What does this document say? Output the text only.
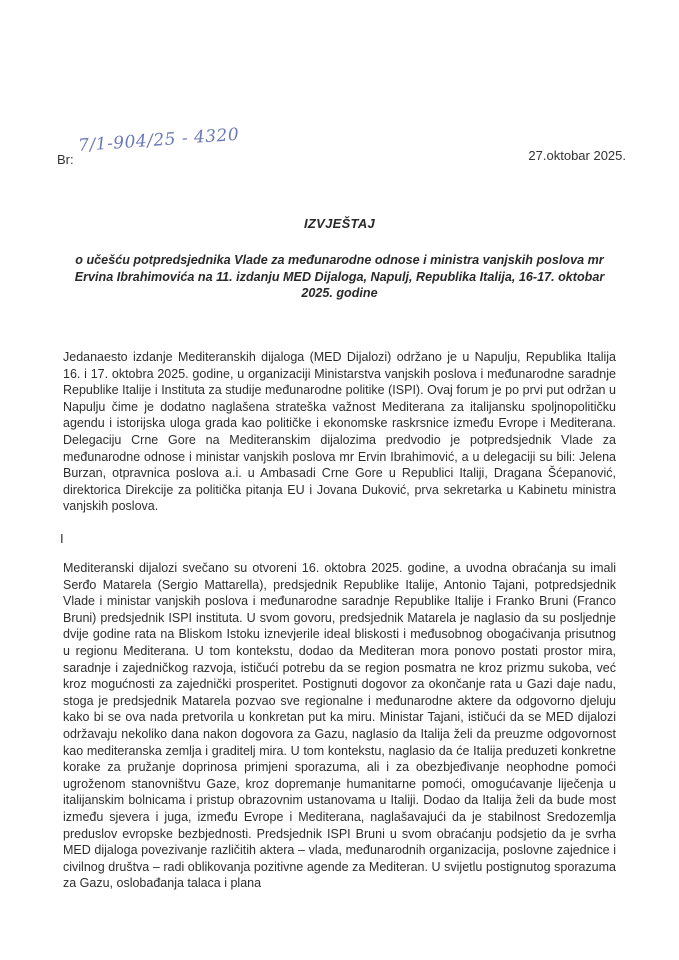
Br:
7/1-904/25 - 4320	27.oktobar 2025.
IZVJEŠTAJ
o učešću potpredsjednika Vlade za međunarodne odnose i ministra vanjskih poslova mr Ervina Ibrahimovića na 11. izdanju MED Dijaloga, Napulj, Republika Italija, 16-17. oktobar 2025. godine

Jedanaesto izdanje Mediteranskih dijaloga (MED Dijalozi) održano je u Napulju, Republika Italija 16. i 17. oktobra 2025. godine, u organizaciji Ministarstva vanjskih poslova i međunarodne saradnje Republike Italije i Instituta za studije međunarodne politike (ISPI). Ovaj forum je po prvi put održan u Napulju čime je dodatno naglašena strateška važnost Mediterana za italijansku spoljnopolitičku agendu i istorijska uloga grada kao političke i ekonomske raskrsnice između Evrope i Mediterana. Delegaciju Crne Gore na Mediteranskim dijalozima predvodio je potpredsjednik Vlade za međunarodne odnose i ministar vanjskih poslova mr Ervin Ibrahimović, a u delegaciji su bili: Jelena Burzan, otpravnica poslova a.i. u Ambasadi Crne Gore u Republici Italiji, Dragana Šćepanović, direktorica Direkcije za politička pitanja EU i Jovana Duković, prva sekretarka u Kabinetu ministra vanjskih poslova.

I

Mediteranski dijalozi svečano su otvoreni 16. oktobra 2025. godine, a uvodna obraćanja su imali Serđo Matarela (Sergio Mattarella), predsjednik Republike Italije, Antonio Tajani, potpredsjednik Vlade i ministar vanjskih poslova i međunarodne saradnje Republike Italije i Franko Bruni (Franco Bruni) predsjednik ISPI instituta. U svom govoru, predsjednik Matarela je naglasio da su posljednje dvije godine rata na Bliskom Istoku iznevjerile ideal bliskosti i međusobnog obogaćivanja prisutnog u regionu Mediterana. U tom kontekstu, dodao da Mediteran mora ponovo postati prostor mira, saradnje i zajedničkog razvoja, ističući potrebu da se region posmatra ne kroz prizmu sukoba, već kroz mogućnosti za zajednički prosperitet. Postignuti dogovor za okončanje rata u Gazi daje nadu, stoga je predsjednik Matarela pozvao sve regionalne i međunarodne aktere da odgovorno djeluju kako bi se ova nada pretvorila u konkretan put ka miru. Ministar Tajani, ističući da se MED dijalozi održavaju nekoliko dana nakon dogovora za Gazu, naglasio da Italija želi da preuzme odgovornost kao mediteranska zemlja i graditelj mira. U tom kontekstu, naglasio da će Italija preduzeti konkretne korake za pružanje doprinosa primjeni sporazuma, ali i za obezbjeđivanje neophodne pomoći ugroženom stanovništvu Gaze, kroz dopremanje humanitarne pomoći, omogućavanje liječenja u italijanskim bolnicama i pristup obrazovnim ustanovama u Italiji. Dodao da Italija želi da bude most između sjevera i juga, između Evrope i Mediterana, naglašavajući da je stabilnost Sredozemlja preduslov evropske bezbjednosti. Predsjednik ISPI Bruni u svom obraćanju podsjetio da je svrha MED dijaloga povezivanje različitih aktera – vlada, međunarodnih organizacija, poslovne zajednice i civilnog društva – radi oblikovanja pozitivne agende za Mediteran. U svijetlu postignutog sporazuma za Gazu, oslobađanja talaca i plana
